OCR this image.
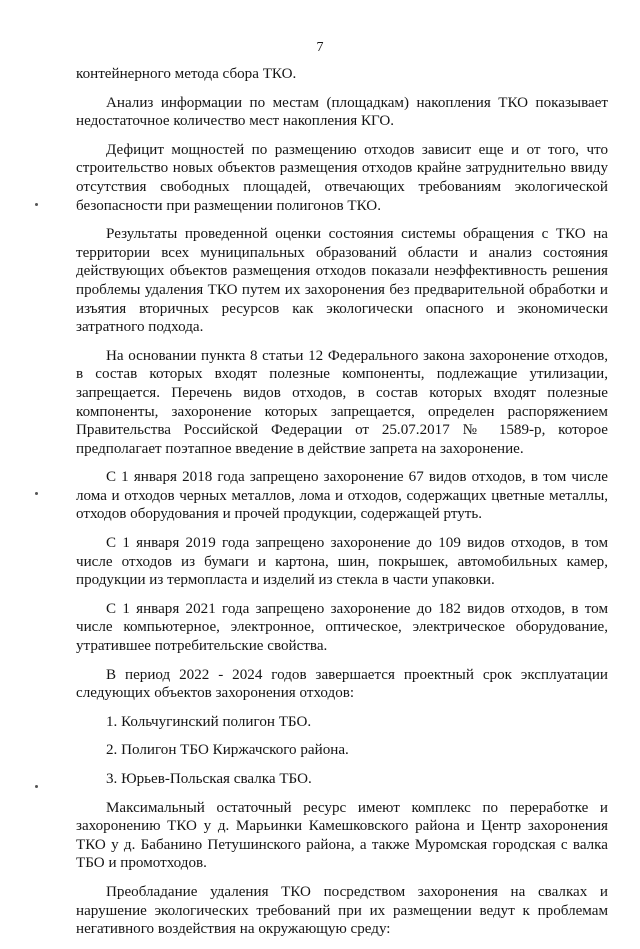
7

контейнерного метода сбора ТКО.

Анализ информации по местам (площадкам) накопления ТКО показывает недостаточное количество мест накопления КГО.

Дефицит мощностей по размещению отходов зависит еще и от того, что строительство новых объектов размещения отходов крайне затруднительно ввиду отсутствия свободных площадей, отвечающих требованиям экологической безопасности при размещении полигонов ТКО.

Результаты проведенной оценки состояния системы обращения с ТКО на территории всех муниципальных образований области и анализ состояния действующих объектов размещения отходов показали неэффективность решения проблемы удаления ТКО путем их захоронения без предварительной обработки и изъятия вторичных ресурсов как экологически опасного и экономически затратного подхода.

На основании пункта 8 статьи 12 Федерального закона захоронение отходов, в состав которых входят полезные компоненты, подлежащие утилизации, запрещается. Перечень видов отходов, в состав которых входят полезные компоненты, захоронение которых запрещается, определен распоряжением Правительства Российской Федерации от 25.07.2017 № 1589-р, которое предполагает поэтапное введение в действие запрета на захоронение.

С 1 января 2018 года запрещено захоронение 67 видов отходов, в том числе лома и отходов черных металлов, лома и отходов, содержащих цветные металлы, отходов оборудования и прочей продукции, содержащей ртуть.

С 1 января 2019 года запрещено захоронение до 109 видов отходов, в том числе отходов из бумаги и картона, шин, покрышек, автомобильных камер, продукции из термопласта и изделий из стекла в части упаковки.

С 1 января 2021 года запрещено захоронение до 182 видов отходов, в том числе компьютерное, электронное, оптическое, электрическое оборудование, утратившее потребительские свойства.

В период 2022 - 2024 годов завершается проектный срок эксплуатации следующих объектов захоронения отходов:

1. Кольчугинский полигон ТБО.
2. Полигон ТБО Киржачского района.
3. Юрьев-Польская свалка ТБО.

Максимальный остаточный ресурс имеют комплекс по переработке и захоронению ТКО у д. Марьинки Камешковского района и Центр захоронения ТКО у д. Бабанино Петушинского района, а также Муромская городская с валка ТБО и промотходов.

Преобладание удаления ТКО посредством захоронения на свалках и нарушение экологических требований при их размещении ведут к проблемам негативного воздействия на окружающую среду:
